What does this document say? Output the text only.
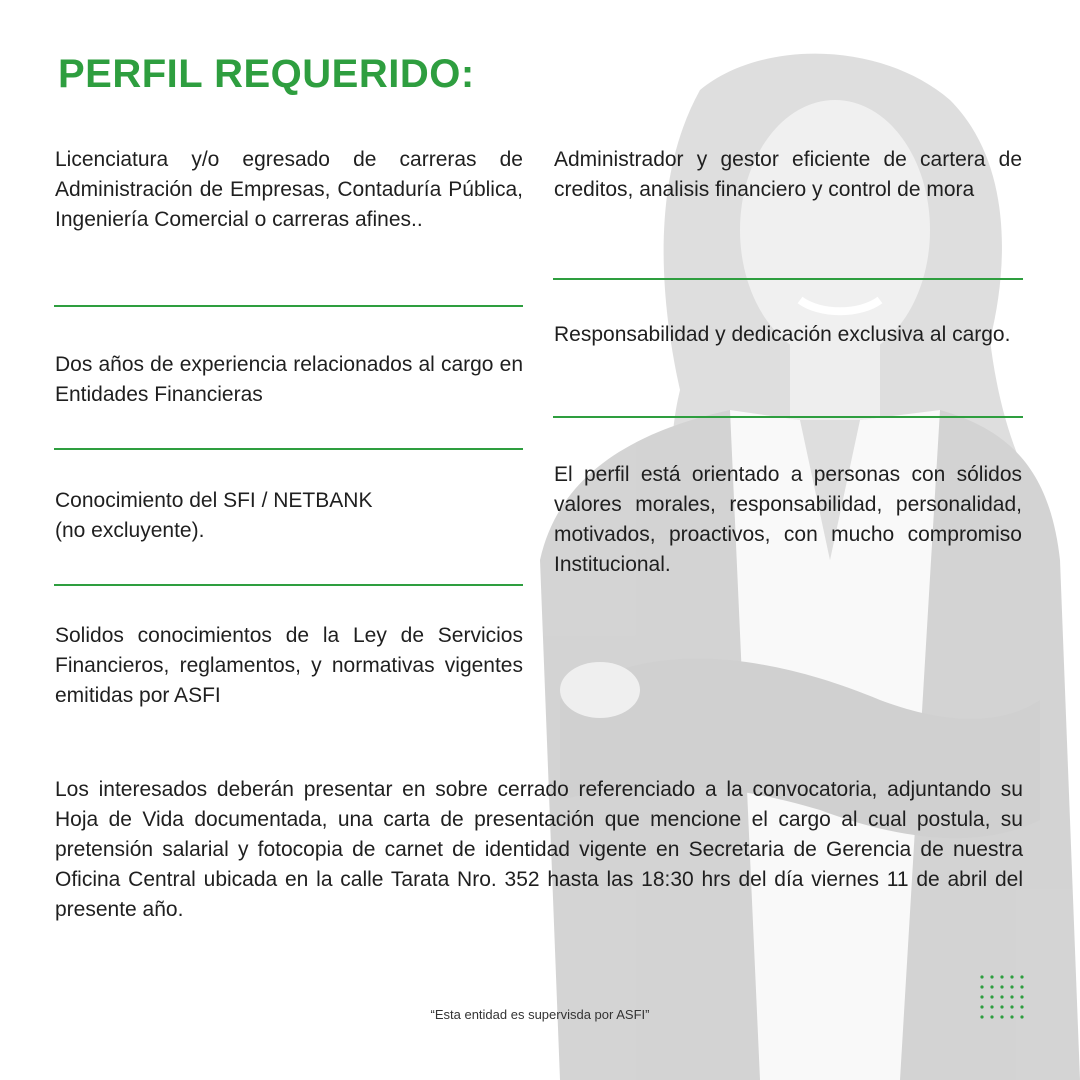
PERFIL REQUERIDO:
Licenciatura y/o egresado de carreras de Administración de Empresas, Contaduría Pública, Ingeniería Comercial o carreras afines..
Dos años de experiencia relacionados al cargo en Entidades Financieras
Conocimiento del SFI / NETBANK
(no excluyente).
Solidos conocimientos de la Ley de Servicios Financieros, reglamentos, y normativas vigentes emitidas por ASFI
Administrador y gestor eficiente de cartera de creditos, analisis financiero y control de mora
Responsabilidad y dedicación exclusiva al cargo.
El perfil está orientado a personas con sólidos valores morales, responsabilidad, personalidad, motivados, proactivos, con mucho compromiso Institucional.
Los interesados deberán presentar en sobre cerrado referenciado a la convocatoria, adjuntando su Hoja de Vida documentada, una carta de presentación que mencione el cargo al cual postula, su pretensión salarial y fotocopia de carnet de identidad vigente en Secretaria de Gerencia de nuestra Oficina Central ubicada en la calle Tarata Nro. 352 hasta las 18:30 hrs del día viernes 11 de abril del presente año.
“Esta entidad es supervisda por ASFI”
